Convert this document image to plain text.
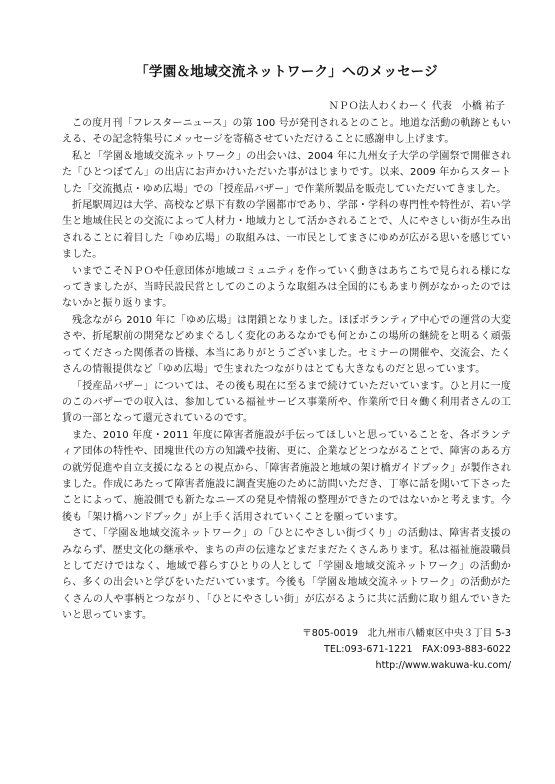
「学園＆地域交流ネットワーク」へのメッセージ
ＮＰＯ法人わくわーく 代表　小橋 祐子

この度月刊「フレスターニュース」の第 100 号が発刊されるとのこと。地道な活動の軌跡ともいえる、その記念特集号にメッセージを寄稿させていただけることに感謝申し上げます。

私と「学園＆地域交流ネットワーク」の出会いは、2004 年に九州女子大学の学園祭で開催された「ひとつぼてん」の出店にお声かけいただいた事がはじまりです。以来、2009 年からスタートした「交流拠点・ゆめ広場」での「授産品バザー」で作業所製品を販売していただいてきました。

折尾駅周辺は大学、高校など県下有数の学園都市であり、学部・学科の専門性や特性が、若い学生と地域住民との交流によって人材力・地域力として活かされることで、人にやさしい街が生み出されることに着目した「ゆめ広場」の取組みは、一市民としてまさにゆめが広がる思いを感じていました。

いまでこそＮＰＯや任意団体が地域コミュニティを作っていく動きはあちこちで見られる様になってきましたが、当時民設民営としてのこのような取組みは全国的にもあまり例がなかったのではないかと振り返ります。

残念ながら 2010 年に「ゆめ広場」は閉鎖となりました。ほぼボランティア中心での運営の大変さや、折尾駅前の開発などめまぐるしく変化のあるなかでも何とかこの場所の継続をと明るく頑張ってくださった関係者の皆様、本当にありがとうございました。セミナーの開催や、交流会、たくさんの情報提供など「ゆめ広場」で生まれたつながりはとても大きなものだと思っています。

「授産品バザー」については、その後も現在に至るまで続けていただいています。ひと月に一度のこのバザーでの収入は、参加している福祉サービス事業所や、作業所で日々働く利用者さんの工賃の一部となって還元されているのです。

また、2010 年度・2011 年度に障害者施設が手伝ってほしいと思っていることを、各ボランティア団体の特性や、団塊世代の方の知識や技術、更に、企業などとつながることで、障害のある方の就労促進や自立支援になるとの視点から、「障害者施設と地域の架け橋ガイドブック」が製作されました。作成にあたって障害者施設に調査実施のために訪問いただき、丁寧に話を聞いて下さったことによって、施設側でも新たなニーズの発見や情報の整理ができたのではないかと考えます。今後も「架け橋ハンドブック」が上手く活用されていくことを願っています。

さて、「学園＆地域交流ネットワーク」の「ひとにやさしい街づくり」の活動は、障害者支援のみならず、歴史文化の継承や、まちの声の伝達などまだまだたくさんあります。私は福祉施設職員としてだけではなく、地域で暮らすひとりの人として「学園＆地域交流ネットワーク」の活動から、多くの出会いと学びをいただいています。今後も「学園＆地域交流ネットワーク」の活動がたくさんの人や事柄とつながり、「ひとにやさしい街」が広がるように共に活動に取り組んでいきたいと思っています。

〒805-0019　北九州市八幡東区中央３丁目 5-3
TEL:093-671-1221　FAX:093-883-6022
http://www.wakuwa-ku.com/
